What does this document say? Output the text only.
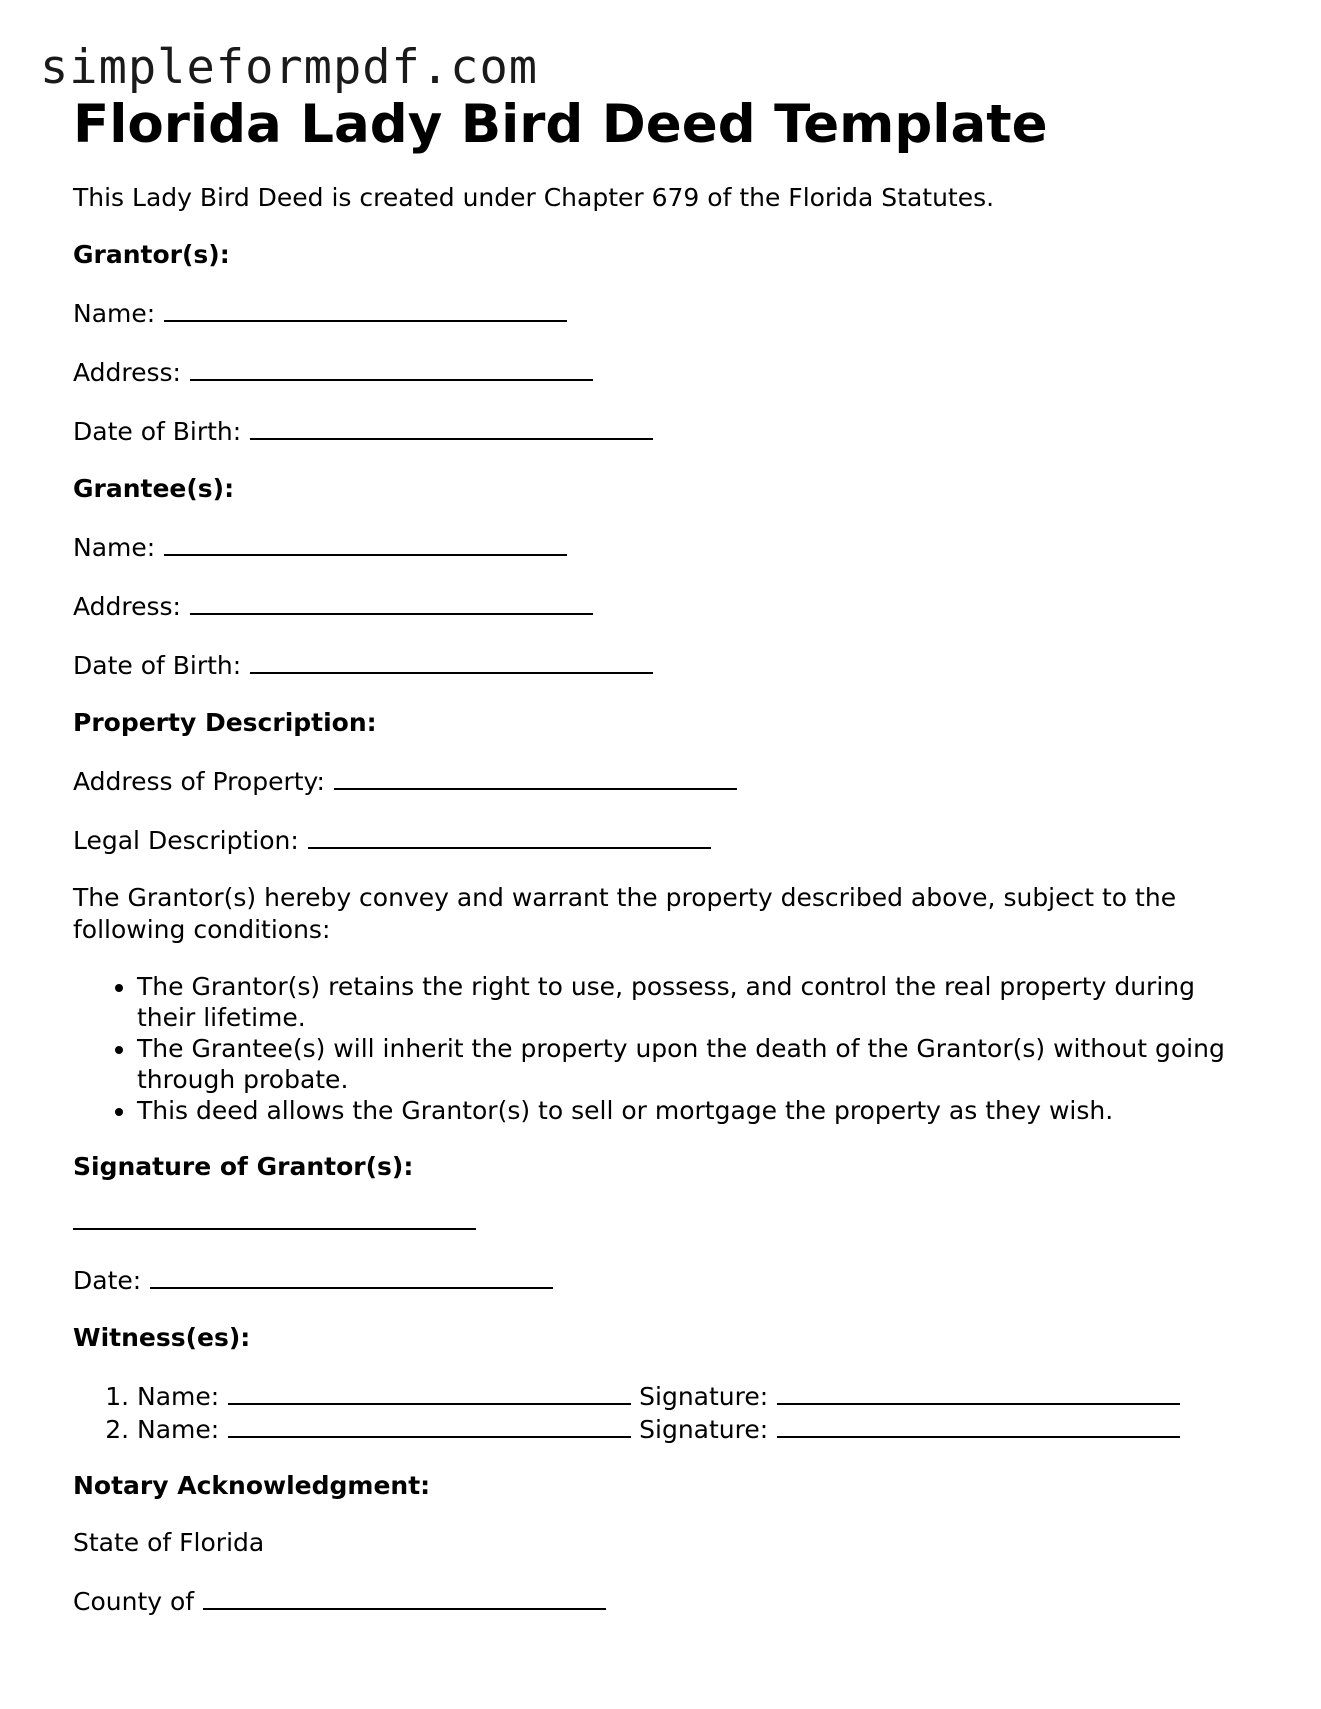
simpleformpdf.com
Florida Lady Bird Deed Template

This Lady Bird Deed is created under Chapter 679 of the Florida Statutes.

Grantor(s):

Name:

Address:

Date of Birth:

Grantee(s):

Name:

Address:

Date of Birth:

Property Description:

Address of Property:

Legal Description:

The Grantor(s) hereby convey and warrant the property described above, subject to the following conditions:

• The Grantor(s) retains the right to use, possess, and control the real property during their lifetime.
• The Grantee(s) will inherit the property upon the death of the Grantor(s) without going through probate.
• This deed allows the Grantor(s) to sell or mortgage the property as they wish.

Signature of Grantor(s):

Date:

Witness(es):

1. Name:	Signature:
2. Name:	Signature:

Notary Acknowledgment:

State of Florida

County of
